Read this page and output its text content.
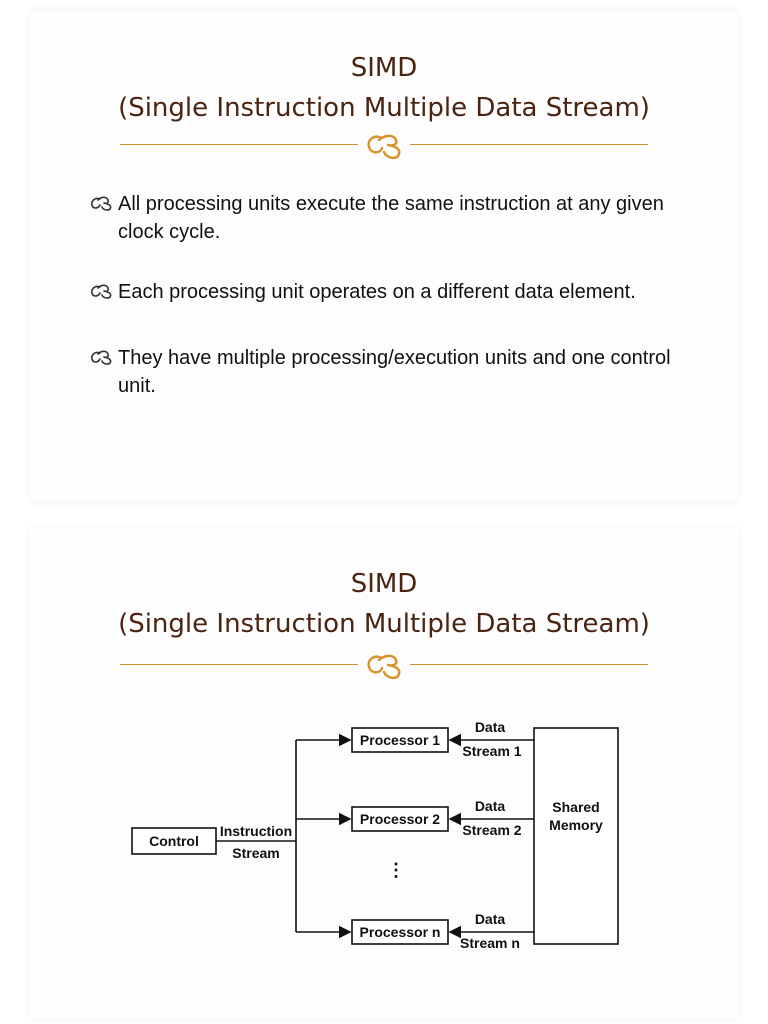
SIMD
(Single Instruction Multiple Data Stream)
All processing units execute the same instruction at any given clock cycle.
Each processing unit operates on a different data element.
They have multiple processing/execution units and one control unit.
SIMD
(Single Instruction Multiple Data Stream)
Control
Instruction
Stream
Processor 1
Processor 2
Processor n
⋮
Shared
Memory
Data
Stream 1
Data
Stream 2
Data
Stream n
